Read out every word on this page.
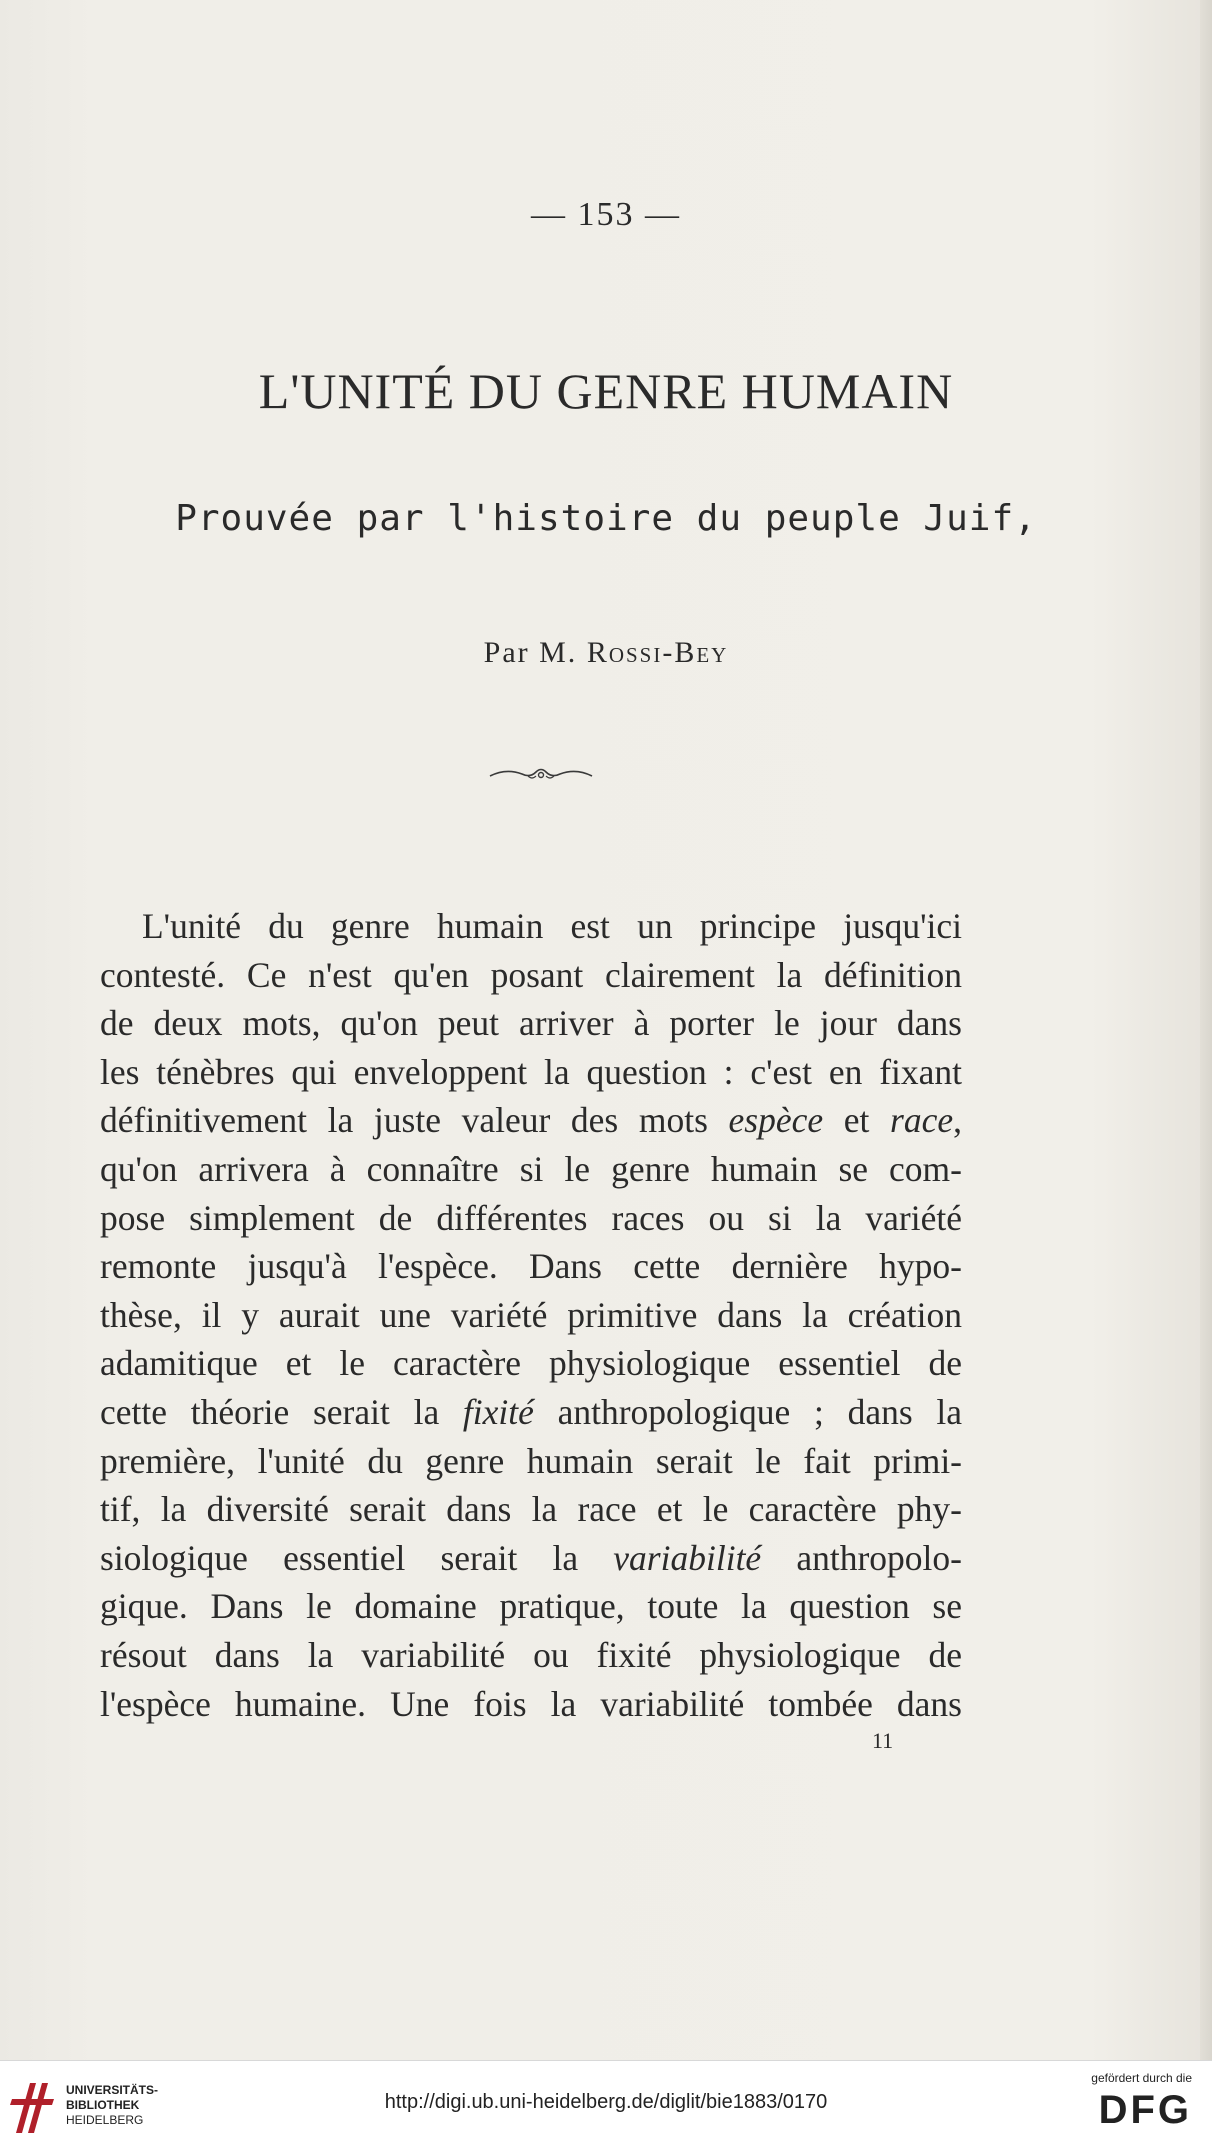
— 153 —
L'UNITÉ DU GENRE HUMAIN
Prouvée par l'histoire du peuple Juif,
Par M. Rossi-Bey
L'unité du genre humain est un principe jusqu'ici
contesté. Ce n'est qu'en posant clairement la définition
de deux mots, qu'on peut arriver à porter le jour dans
les ténèbres qui enveloppent la question : c'est en fixant
définitivement la juste valeur des mots espèce et race,
qu'on arrivera à connaître si le genre humain se com-
pose simplement de différentes races ou si la variété
remonte jusqu'à l'espèce. Dans cette dernière hypo-
thèse, il y aurait une variété primitive dans la création
adamitique et le caractère physiologique essentiel de
cette théorie serait la fixité anthropologique ; dans la
première, l'unité du genre humain serait le fait primi-
tif, la diversité serait dans la race et le caractère phy-
siologique essentiel serait la variabilité anthropolo-
gique. Dans le domaine pratique, toute la question se
résout dans la variabilité ou fixité physiologique de
l'espèce humaine. Une fois la variabilité tombée dans
11
UNIVERSITÄTS-
BIBLIOTHEK
HEIDELBERG
http://digi.ub.uni-heidelberg.de/diglit/bie1883/0170
gefördert durch die
DFG
